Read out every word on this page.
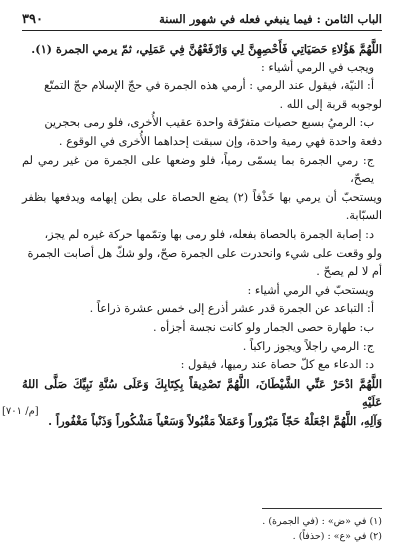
الباب الثامن : فيما ينبغي فعله في شهور السنة
٣٩٠

اللَّهُمَّ هَؤُلاءِ حَصَيَاتِي فَأَحْصِهِنَّ لِي وَارْفَعْهُنَّ فِي عَمَلِي، ثمّ يرمي الجمرة (١).

ويجب في الرمي أشياء :

أ: النيّة، فيقول عند الرمي : أرمي هذه الجمرة في حجّ الإسلام حجّ التمتّع

لوجوبه قربة إلى الله .

ب: الرميُ بسبع حصيات متفرّقة واحدة عقيب الأُخرى، فلو رمى بحجرين

دفعة واحدة فهي رمية واحدة، وإن سبقت إحداهما الأُخرى في الوقوع .

ج: رمي الجمرة بما يسمّى رمياً، فلو وضعها على الجمرة من غير رمي لم يصحّ،

ويستحبّ أن يرمي بها خَذْفاً (٢) يضع الحصاة على بطن إبهامه ويدفعها بظفر السبّابة.

د: إصابة الجمرة بالحصاة بفعله، فلو رمى بها وتمّمها حركة غيره لم يجز،

ولو وقعت على شيء وانحدرت على الجمرة صحّ، ولو شكّ هل أصابت الجمرة

أم لا لم يصحّ .

ويستحبّ في الرمي أشياء :

أ: التباعد عن الجمرة قدر عشر أذرع إلى خمس عشرة ذراعاً .

ب: طهارة حصى الجمار ولو كانت نجسة أجزأه .

ج: الرمي راجلاً ويجوز راكباً .

د: الدعاء مع كلّ حصاة عند رميها، فيقول :

اللَّهُمَّ ادْحَرْ عَنِّي الشَّيْطَانَ، اللَّهُمَّ تَصْدِيقاً بِكِتَابِكَ وَعَلَى سُنَّةِ نَبِيِّكَ صَلَّى اللهُ عَلَيْهِ

وَآلِهِ، اللَّهُمَّ اجْعَلْهُ حَجّاً مَبْرُوراً وَعَمَلاً مَقْبُولاً وَسَعْياً مَشْكُوراً وَذَنْباً مَغْفُوراً .

[م/ ٧٠١]

(١) في «ض» : (في الجمرة) .

(٢) في «ع» : (حذفاً) .
